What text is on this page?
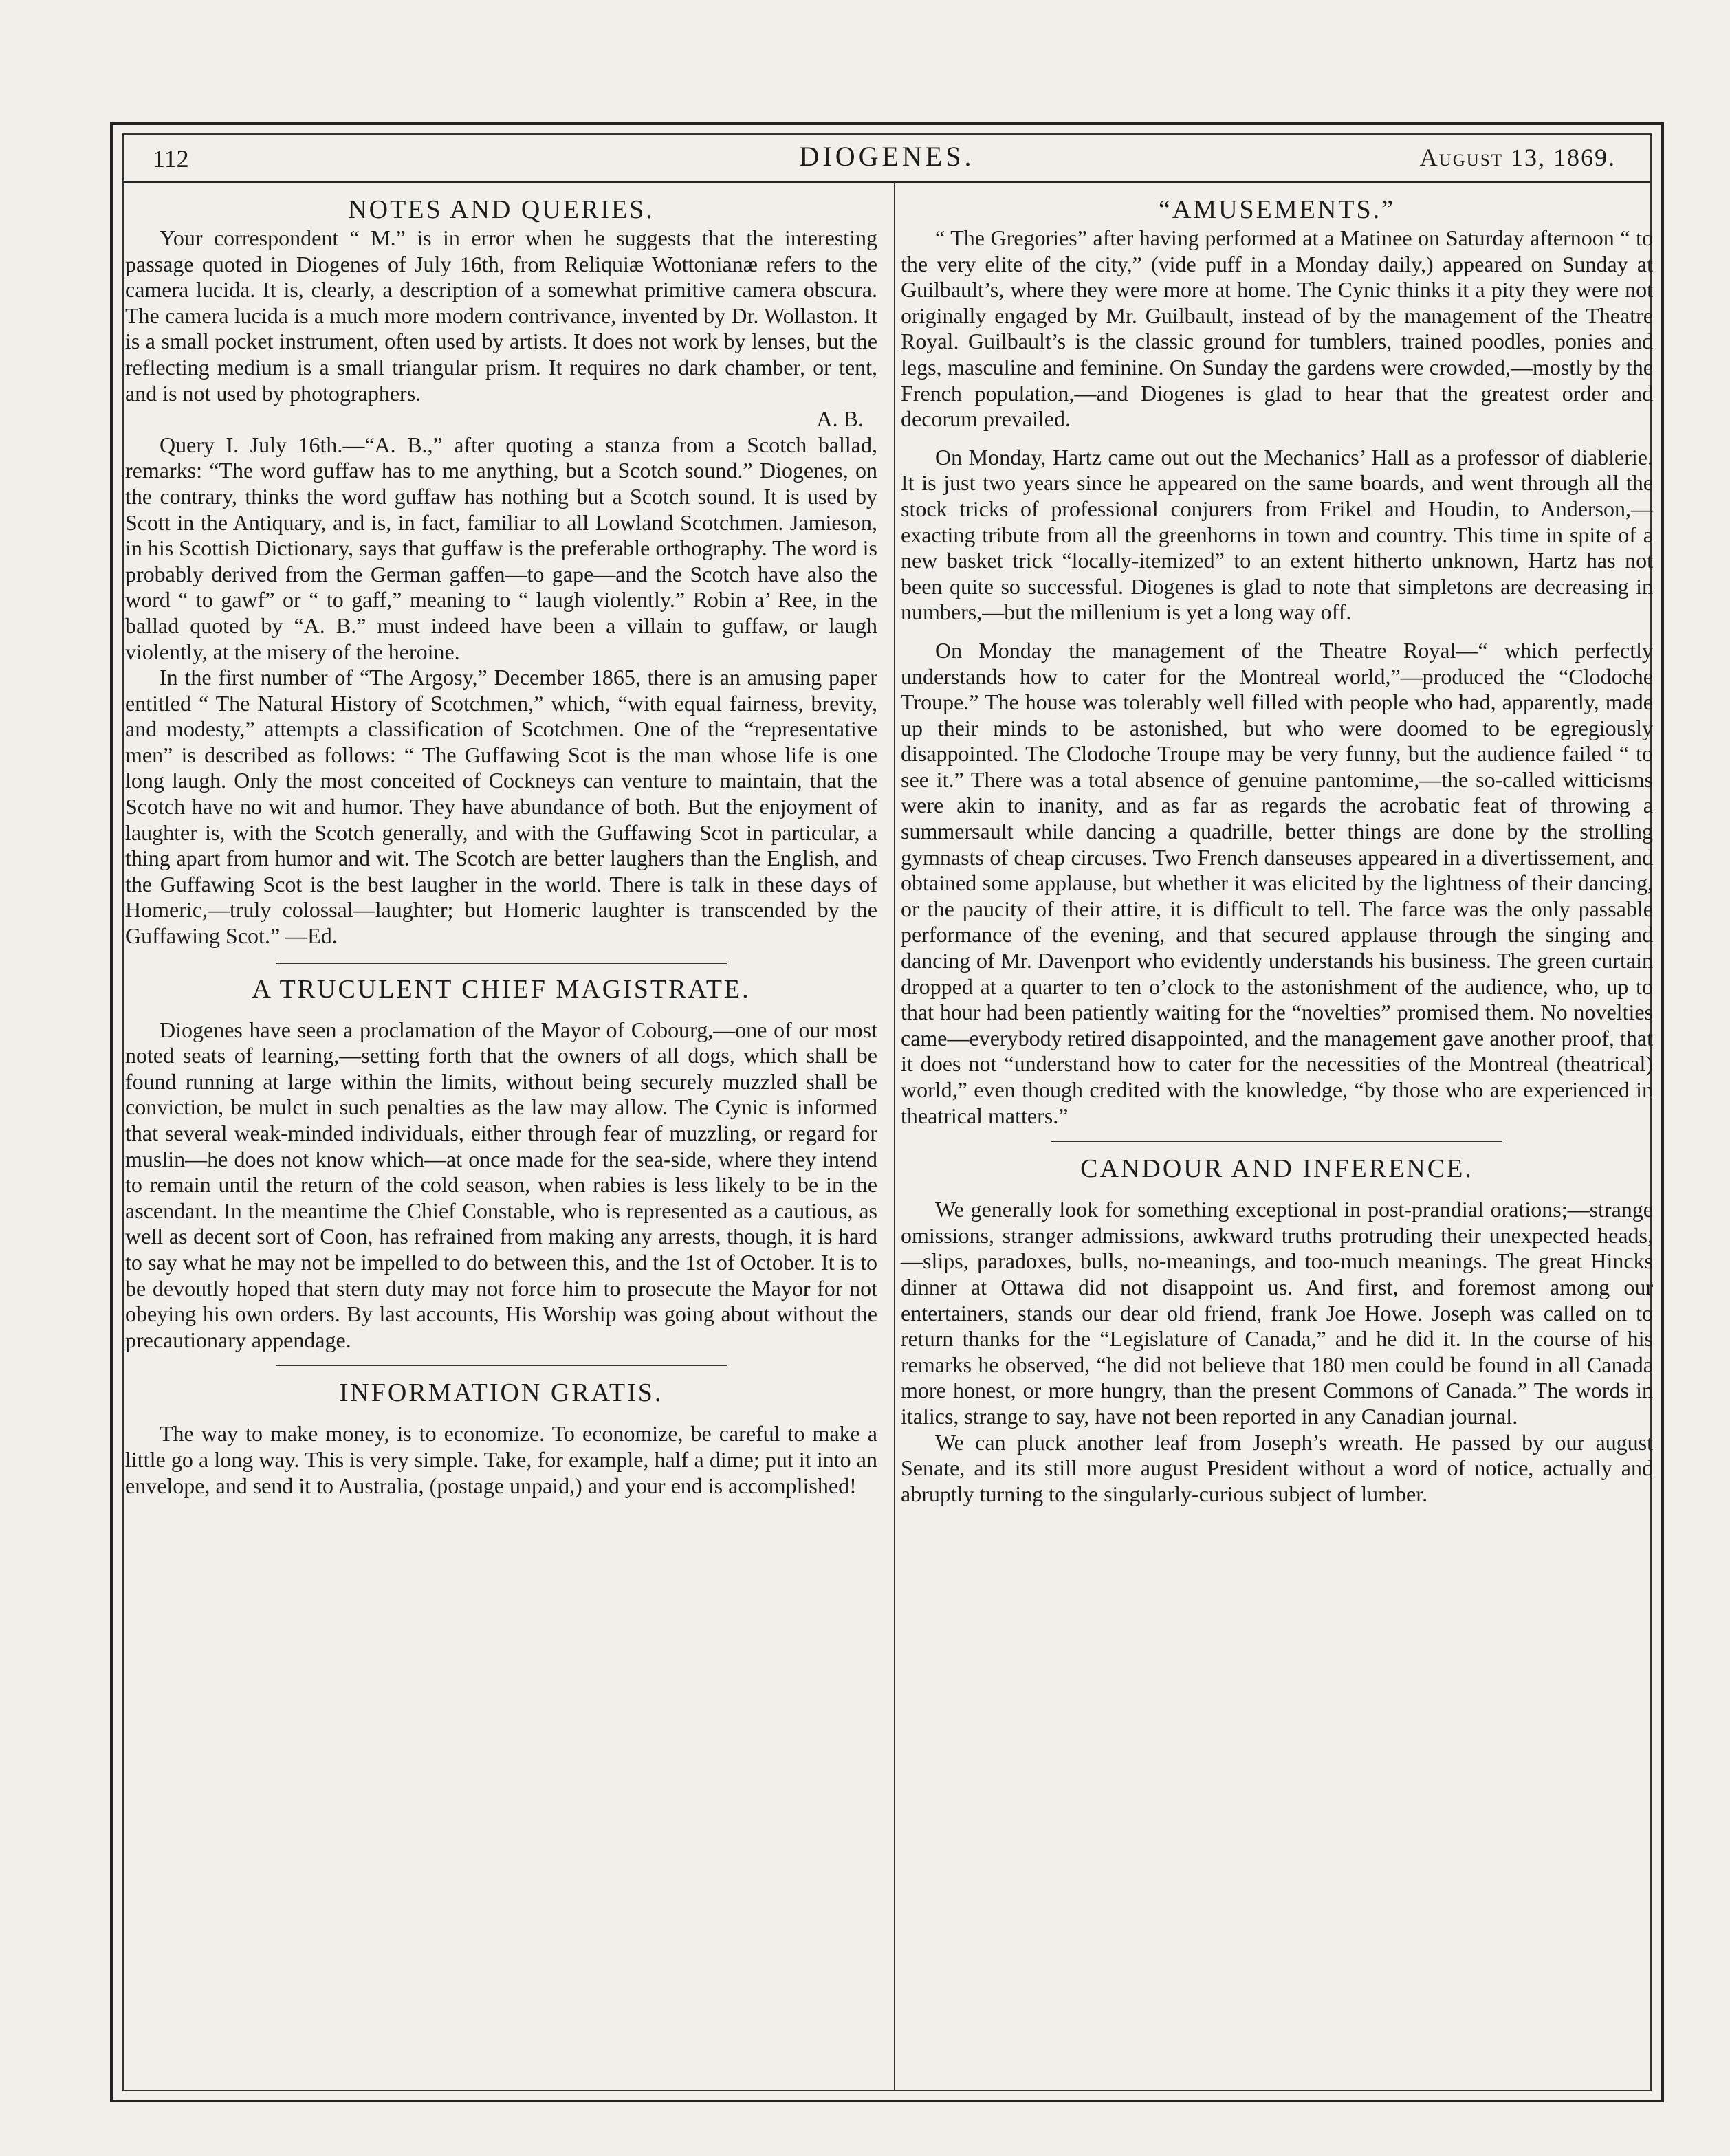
112	DIOGENES.	August 13, 1869.
NOTES AND QUERIES.

Your correspondent “ M.” is in error when he suggests that the interesting passage quoted in Diogenes of July 16th, from Reliquiæ Wottonianæ refers to the camera lucida. It is, clearly, a description of a somewhat primitive camera obscura. The camera lucida is a much more modern contrivance, invented by Dr. Wollaston. It is a small pocket instrument, often used by artists. It does not work by lenses, but the reflecting medium is a small triangular prism. It requires no dark chamber, or tent, and is not used by photographers.

A. B.

Query I. July 16th.—“A. B.,” after quoting a stanza from a Scotch ballad, remarks: “The word guffaw has to me anything, but a Scotch sound.” Diogenes, on the contrary, thinks the word guffaw has nothing but a Scotch sound. It is used by Scott in the Antiquary, and is, in fact, familiar to all Lowland Scotchmen. Jamieson, in his Scottish Dictionary, says that guffaw is the preferable orthography. The word is probably derived from the German gaffen—to gape—and the Scotch have also the word “ to gawf” or “ to gaff,” meaning to “ laugh violently.” Robin a’ Ree, in the ballad quoted by “A. B.” must indeed have been a villain to guffaw, or laugh violently, at the misery of the heroine.

In the first number of “The Argosy,” December 1865, there is an amusing paper entitled “ The Natural History of Scotchmen,” which, “with equal fairness, brevity, and modesty,” attempts a classification of Scotchmen. One of the “representative men” is described as follows: “ The Guffawing Scot is the man whose life is one long laugh. Only the most conceited of Cockneys can venture to maintain, that the Scotch have no wit and humor. They have abundance of both. But the enjoyment of laughter is, with the Scotch generally, and with the Guffawing Scot in particular, a thing apart from humor and wit. The Scotch are better laughers than the English, and the Guffawing Scot is the best laugher in the world. There is talk in these days of Homeric,—truly colossal—laughter; but Homeric laughter is transcended by the Guffawing Scot.” —Ed.

A TRUCULENT CHIEF MAGISTRATE.

Diogenes have seen a proclamation of the Mayor of Cobourg,—one of our most noted seats of learning,—setting forth that the owners of all dogs, which shall be found running at large within the limits, without being securely muzzled shall be conviction, be mulct in such penalties as the law may allow. The Cynic is informed that several weak-minded individuals, either through fear of muzzling, or regard for muslin—he does not know which—at once made for the sea-side, where they intend to remain until the return of the cold season, when rabies is less likely to be in the ascendant. In the meantime the Chief Constable, who is represented as a cautious, as well as decent sort of Coon, has refrained from making any arrests, though, it is hard to say what he may not be impelled to do between this, and the 1st of October. It is to be devoutly hoped that stern duty may not force him to prosecute the Mayor for not obeying his own orders. By last accounts, His Worship was going about without the precautionary appendage.

INFORMATION GRATIS.

The way to make money, is to economize. To economize, be careful to make a little go a long way. This is very simple. Take, for example, half a dime; put it into an envelope, and send it to Australia, (postage unpaid,) and your end is accomplished!

“AMUSEMENTS.”

“ The Gregories” after having performed at a Matinee on Saturday afternoon “ to the very elite of the city,” (vide puff in a Monday daily,) appeared on Sunday at Guilbault’s, where they were more at home. The Cynic thinks it a pity they were not originally engaged by Mr. Guilbault, instead of by the management of the Theatre Royal. Guilbault’s is the classic ground for tumblers, trained poodles, ponies and legs, masculine and feminine. On Sunday the gardens were crowded,—mostly by the French population,—and Diogenes is glad to hear that the greatest order and decorum prevailed.

On Monday, Hartz came out out the Mechanics’ Hall as a professor of diablerie. It is just two years since he appeared on the same boards, and went through all the stock tricks of professional conjurers from Frikel and Houdin, to Anderson,—exacting tribute from all the greenhorns in town and country. This time in spite of a new basket trick “locally-itemized” to an extent hitherto unknown, Hartz has not been quite so successful. Diogenes is glad to note that simpletons are decreasing in numbers,—but the millenium is yet a long way off.

On Monday the management of the Theatre Royal—“ which perfectly understands how to cater for the Montreal world,”—produced the “Clodoche Troupe.” The house was tolerably well filled with people who had, apparently, made up their minds to be astonished, but who were doomed to be egregiously disappointed. The Clodoche Troupe may be very funny, but the audience failed “ to see it.” There was a total absence of genuine pantomime,—the so-called witticisms were akin to inanity, and as far as regards the acrobatic feat of throwing a summersault while dancing a quadrille, better things are done by the strolling gymnasts of cheap circuses. Two French danseuses appeared in a divertissement, and obtained some applause, but whether it was elicited by the lightness of their dancing, or the paucity of their attire, it is difficult to tell. The farce was the only passable performance of the evening, and that secured applause through the singing and dancing of Mr. Davenport who evidently understands his business. The green curtain dropped at a quarter to ten o’clock to the astonishment of the audience, who, up to that hour had been patiently waiting for the “novelties” promised them. No novelties came—everybody retired disappointed, and the management gave another proof, that it does not “understand how to cater for the necessities of the Montreal (theatrical) world,” even though credited with the knowledge, “by those who are experienced in theatrical matters.”

CANDOUR AND INFERENCE.

We generally look for something exceptional in post-prandial orations;—strange omissions, stranger admissions, awkward truths protruding their unexpected heads,—slips, paradoxes, bulls, no-meanings, and too-much meanings. The great Hincks dinner at Ottawa did not disappoint us. And first, and foremost among our entertainers, stands our dear old friend, frank Joe Howe. Joseph was called on to return thanks for the “Legislature of Canada,” and he did it. In the course of his remarks he observed, “he did not believe that 180 men could be found in all Canada more honest, or more hungry, than the present Commons of Canada.” The words in italics, strange to say, have not been reported in any Canadian journal.

We can pluck another leaf from Joseph’s wreath. He passed by our august Senate, and its still more august President without a word of notice, actually and abruptly turning to the singularly-curious subject of lumber.
